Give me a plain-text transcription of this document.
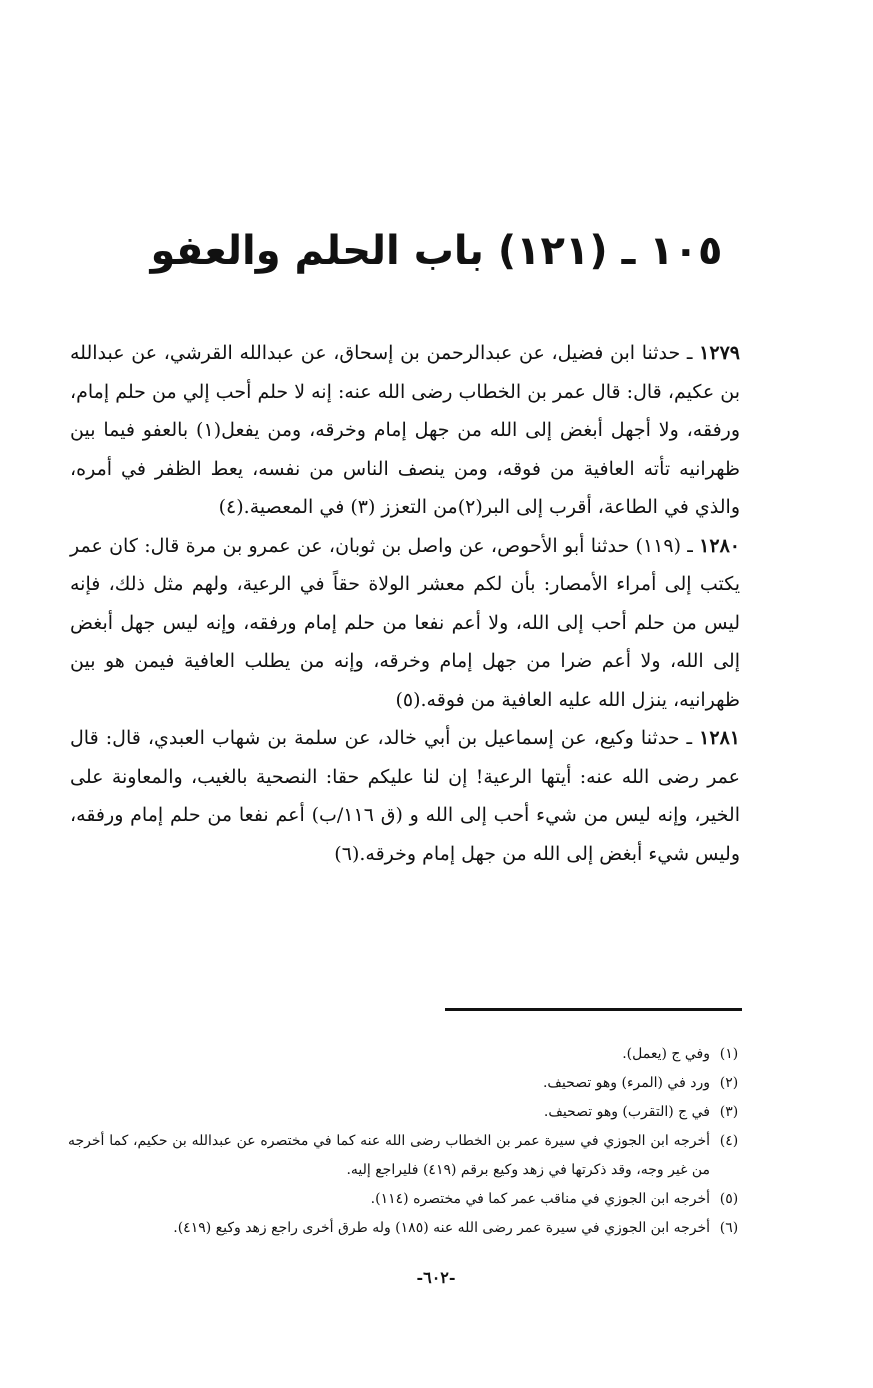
١٠٥ ـ (١٢١) باب الحلم والعفو

١٢٧٩ ـ حدثنا ابن فضيل، عن عبدالرحمن بن إسحاق، عن عبدالله القرشي، عن عبدالله بن عكيم، قال: قال عمر بن الخطاب رضى الله عنه: إنه لا حلم أحب إلي من حلم إمام، ورفقه، ولا أجهل أبغض إلى الله من جهل إمام وخرقه، ومن يفعل(١) بالعفو فيما بين ظهرانيه تأته العافية من فوقه، ومن ينصف الناس من نفسه، يعط الظفر في أمره، والذي في الطاعة، أقرب إلى البر(٢)من التعزز (٣) في المعصية.(٤)

١٢٨٠ ـ (١١٩) حدثنا أبو الأحوص، عن واصل بن ثوبان، عن عمرو بن مرة قال: كان عمر يكتب إلى أمراء الأمصار: بأن لكم معشر الولاة حقاً في الرعية، ولهم مثل ذلك، فإنه ليس من حلم أحب إلى الله، ولا أعم نفعا من حلم إمام ورفقه، وإنه ليس جهل أبغض إلى الله، ولا أعم ضرا من جهل إمام وخرقه، وإنه من يطلب العافية فيمن هو بين ظهرانيه، ينزل الله عليه العافية من فوقه.(٥)

١٢٨١ ـ حدثنا وكيع، عن إسماعيل بن أبي خالد، عن سلمة بن شهاب العبدي، قال: قال عمر رضى الله عنه: أيتها الرعية! إن لنا عليكم حقا: النصحية بالغيب، والمعاونة على الخير، وإنه ليس من شيء أحب إلى الله و (ق ١١٦/ب) أعم نفعا من حلم إمام ورفقه، وليس شيء أبغض إلى الله من جهل إمام وخرقه.(٦)

(١)
وفي ج (يعمل).
(٢)
ورد في (المرء) وهو تصحيف.
(٣)
في ج (التقرب) وهو تصحيف.
(٤)
أخرجه ابن الجوزي في سيرة عمر بن الخطاب رضى الله عنه كما في مختصره عن عبدالله بن حكيم، كما أخرجه من غير وجه، وقد ذكرتها في زهد وكيع برقم (٤١٩) فليراجع إليه.
(٥)
أخرجه ابن الجوزي في مناقب عمر كما في مختصره (١١٤).
(٦)
أخرجه ابن الجوزي في سيرة عمر رضى الله عنه (١٨٥) وله طرق أخرى راجع زهد وكيع (٤١٩).
-٦٠٢-
